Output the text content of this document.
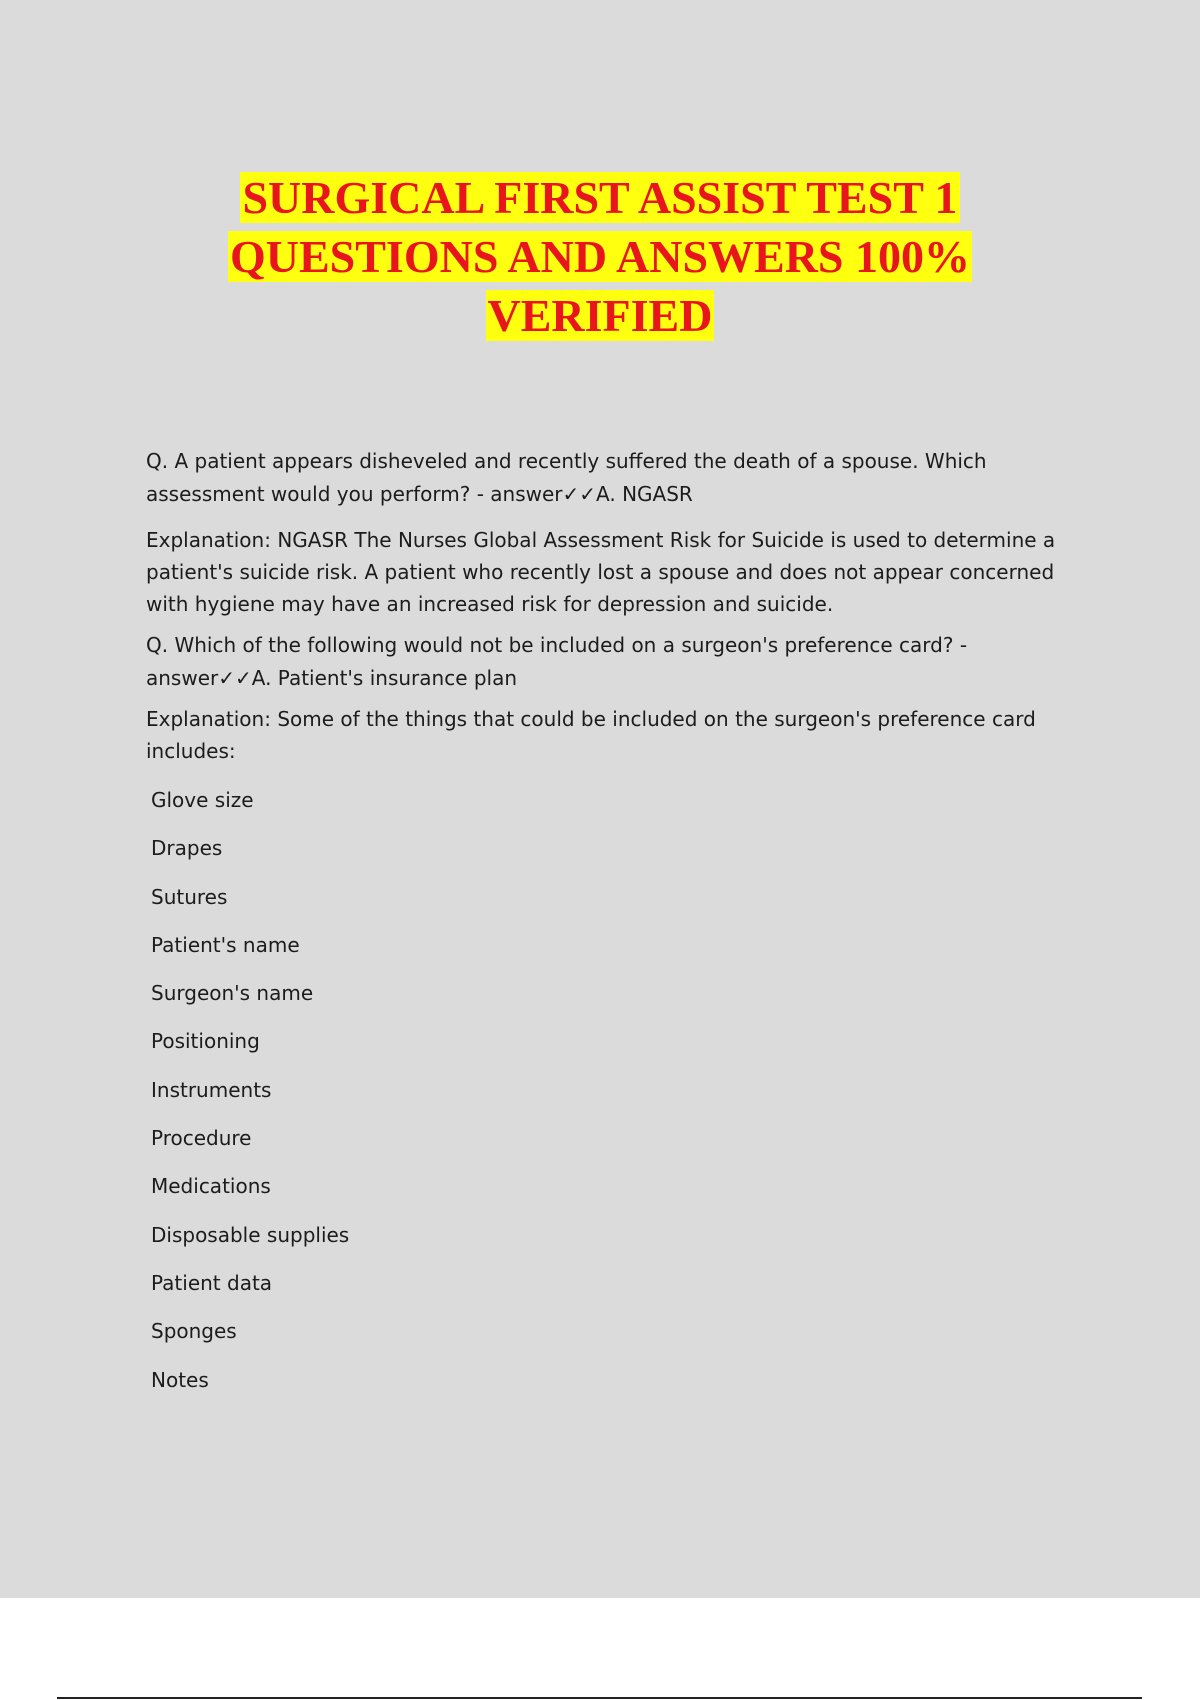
SURGICAL FIRST ASSIST TEST 1
QUESTIONS AND ANSWERS 100%
VERIFIED

Q. A patient appears disheveled and recently suffered the death of a spouse. Which assessment would you perform? - answer✓✓A. NGASR

Explanation: NGASR The Nurses Global Assessment Risk for Suicide is used to determine a patient's suicide risk. A patient who recently lost a spouse and does not appear concerned with hygiene may have an increased risk for depression and suicide.

Q. Which of the following would not be included on a surgeon's preference card? - answer✓✓A. Patient's insurance plan

Explanation: Some of the things that could be included on the surgeon's preference card includes:

Glove size
Drapes
Sutures
Patient's name
Surgeon's name
Positioning
Instruments
Procedure
Medications
Disposable supplies
Patient data
Sponges
Notes
